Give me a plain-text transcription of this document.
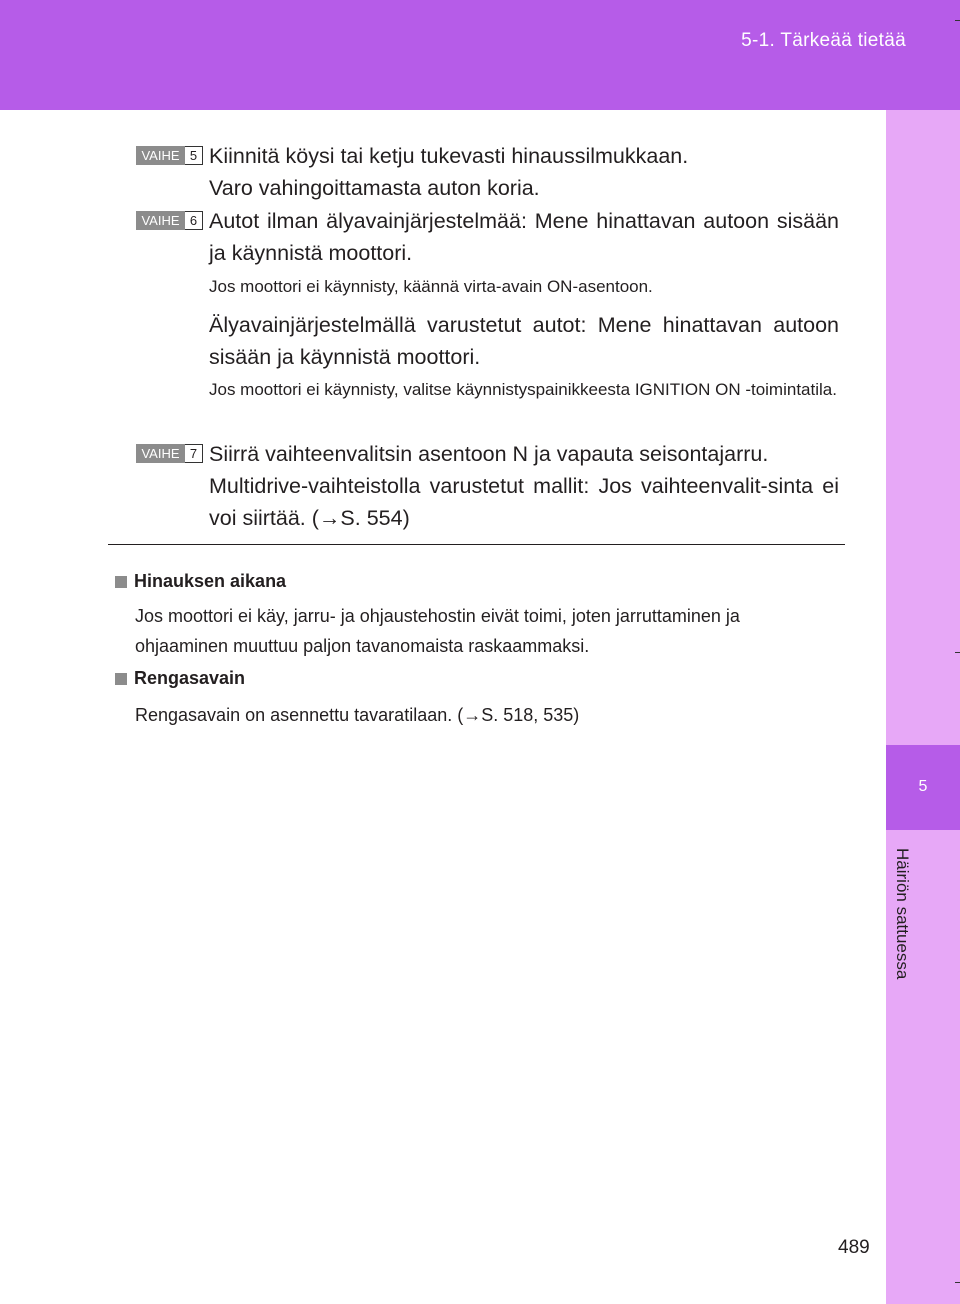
5-1. Tärkeää tietää
5
Häiriön sattuessa
VAIHE 5 Kiinnitä köysi tai ketju tukevasti hinaussilmukkaan.
Varo vahingoittamasta auton koria.
VAIHE 6 Autot ilman älyavainjärjestelmää: Mene hinattavan autoon sisään ja käynnistä moottori.
Jos moottori ei käynnisty, käännä virta-avain ON-asentoon.
Älyavainjärjestelmällä varustetut autot: Mene hinattavan autoon sisään ja käynnistä moottori.
Jos moottori ei käynnisty, valitse käynnistyspainikkeesta IGNITION ON -toimintatila.
VAIHE 7 Siirrä vaihteenvalitsin asentoon N ja vapauta seisontajarru.
Multidrive-vaihteistolla varustetut mallit: Jos vaihteenvalit-sinta ei voi siirtää. (→S. 554)
Hinauksen aikana
Jos moottori ei käy, jarru- ja ohjaustehostin eivät toimi, joten jarruttaminen ja ohjaaminen muuttuu paljon tavanomaista raskaammaksi.
Rengasavain
Rengasavain on asennettu tavaratilaan. (→S. 518, 535)
489
